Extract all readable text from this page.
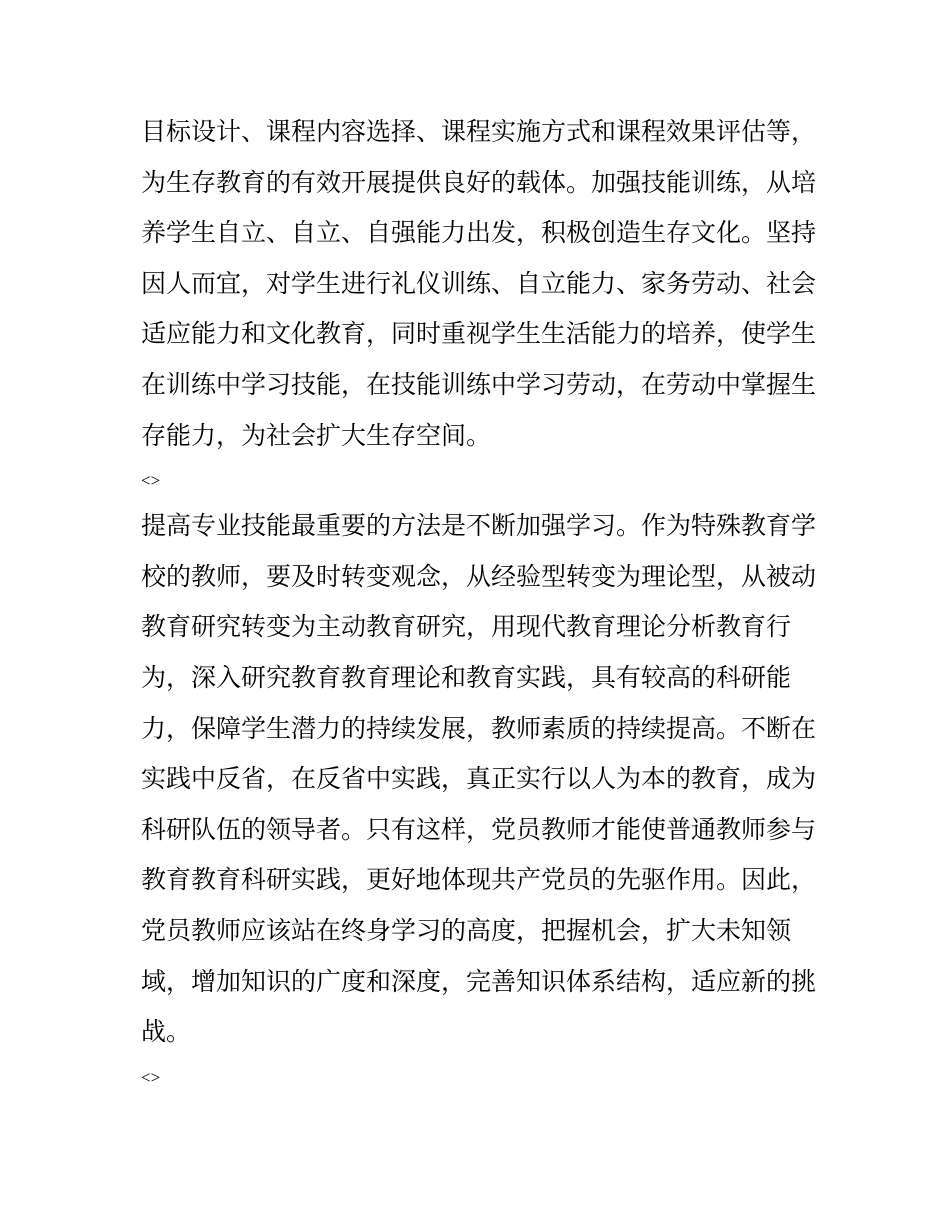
目标设计、课程内容选择、课程实施方式和课程效果评估等，
为生存教育的有效开展提供良好的载体。加强技能训练，从培
养学生自立、自立、自强能力出发，积极创造生存文化。坚持
因人而宜，对学生进行礼仪训练、自立能力、家务劳动、社会
适应能力和文化教育，同时重视学生生活能力的培养，使学生
在训练中学习技能，在技能训练中学习劳动，在劳动中掌握生
存能力，为社会扩大生存空间。
<>
提高专业技能最重要的方法是不断加强学习。作为特殊教育学
校的教师，要及时转变观念，从经验型转变为理论型，从被动
教育研究转变为主动教育研究，用现代教育理论分析教育行
为，深入研究教育教育理论和教育实践，具有较高的科研能
力，保障学生潜力的持续发展，教师素质的持续提高。不断在
实践中反省，在反省中实践，真正实行以人为本的教育，成为
科研队伍的领导者。只有这样，党员教师才能使普通教师参与
教育教育科研实践，更好地体现共产党员的先驱作用。因此，
党员教师应该站在终身学习的高度，把握机会，扩大未知领
域，增加知识的广度和深度，完善知识体系结构，适应新的挑
战。
<>
